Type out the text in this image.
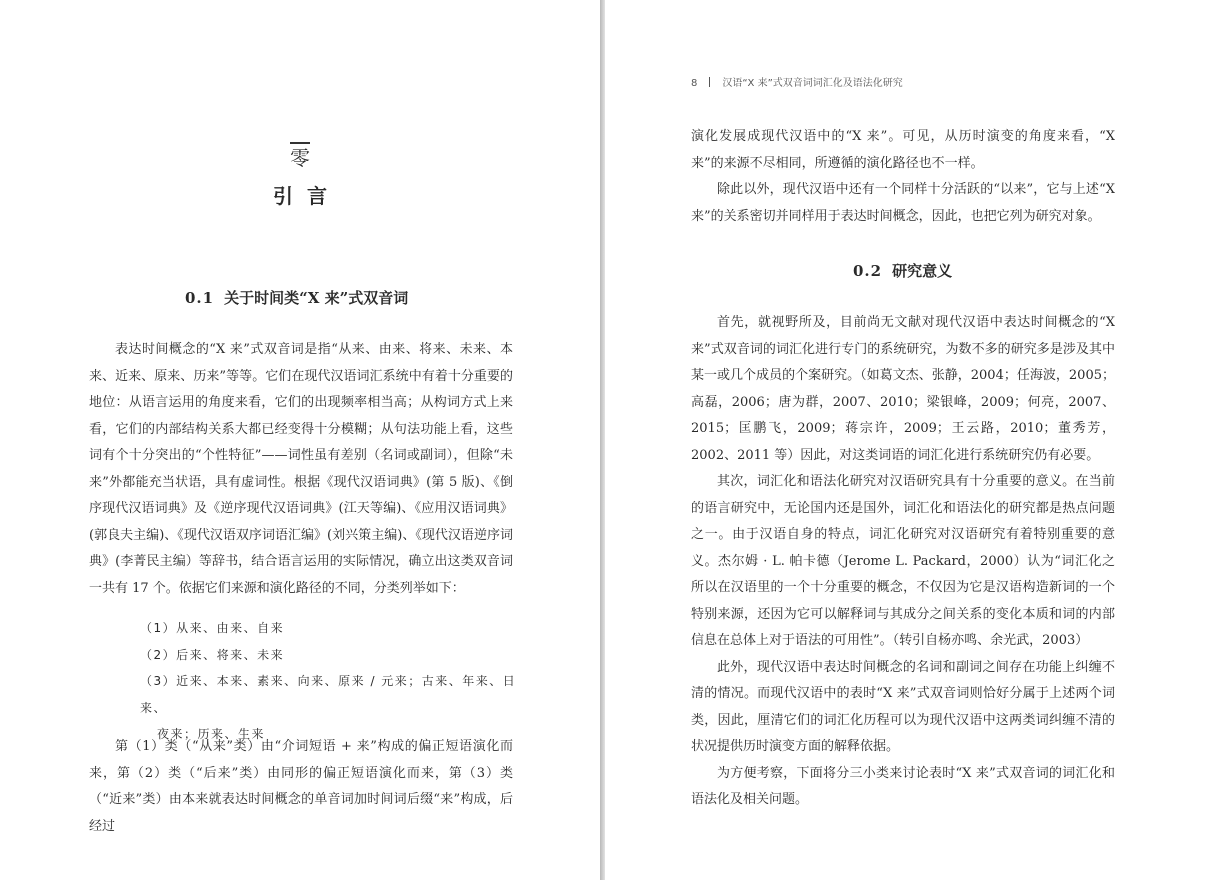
零
引言
0.1 关于时间类“X 来”式双音词

表达时间概念的“X 来”式双音词是指“从来、由来、将来、未来、本来、近来、原来、历来”等等。它们在现代汉语词汇系统中有着十分重要的地位：从语言运用的角度来看，它们的出现频率相当高；从构词方式上来看，它们的内部结构关系大都已经变得十分模糊；从句法功能上看，这些词有个十分突出的“个性特征”——词性虽有差别（名词或副词），但除“未来”外都能充当状语，具有虚词性。根据《现代汉语词典》(第 5 版)、《倒序现代汉语词典》及《逆序现代汉语词典》(江天等编)、《应用汉语词典》(郭良夫主编)、《现代汉语双序词语汇编》(刘兴策主编)、《现代汉语逆序词典》(李菁民主编）等辞书，结合语言运用的实际情况，确立出这类双音词一共有 17 个。依据它们来源和演化路径的不同，分类列举如下：

（1）从来、由来、自来
（2）后来、将来、未来
（3）近来、本来、素来、向来、原来 / 元来；古来、年来、日来、
夜来；历来、生来

第（1）类（“从来”类）由“介词短语 + 来”构成的偏正短语演化而来，第（2）类（“后来”类）由同形的偏正短语演化而来，第（3）类（“近来”类）由本来就表达时间概念的单音词加时间词后缀“来”构成，后经过

8	汉语“X 来”式双音词词汇化及语法化研究

演化发展成现代汉语中的“X 来”。可见，从历时演变的角度来看，“X 来”的来源不尽相同，所遵循的演化路径也不一样。

除此以外，现代汉语中还有一个同样十分活跃的“以来”，它与上述“X 来”的关系密切并同样用于表达时间概念，因此，也把它列为研究对象。

0.2 研究意义

首先，就视野所及，目前尚无文献对现代汉语中表达时间概念的“X 来”式双音词的词汇化进行专门的系统研究，为数不多的研究多是涉及其中某一或几个成员的个案研究。（如葛文杰、张静，2004；任海波，2005；高磊，2006；唐为群，2007、2010；梁银峰，2009；何亮，2007、2015；匡鹏飞，2009；蒋宗许，2009；王云路，2010；董秀芳，2002、2011 等）因此，对这类词语的词汇化进行系统研究仍有必要。

其次，词汇化和语法化研究对汉语研究具有十分重要的意义。在当前的语言研究中，无论国内还是国外，词汇化和语法化的研究都是热点问题之一。由于汉语自身的特点，词汇化研究对汉语研究有着特别重要的意义。杰尔姆 · L. 帕卡德（Jerome L. Packard，2000）认为“词汇化之所以在汉语里的一个十分重要的概念，不仅因为它是汉语构造新词的一个特别来源，还因为它可以解释词与其成分之间关系的变化本质和词的内部信息在总体上对于语法的可用性”。（转引自杨亦鸣、余光武，2003）

此外，现代汉语中表达时间概念的名词和副词之间存在功能上纠缠不清的情况。而现代汉语中的表时“X 来”式双音词则恰好分属于上述两个词类，因此，厘清它们的词汇化历程可以为现代汉语中这两类词纠缠不清的状况提供历时演变方面的解释依据。

为方便考察，下面将分三小类来讨论表时“X 来”式双音词的词汇化和语法化及相关问题。
